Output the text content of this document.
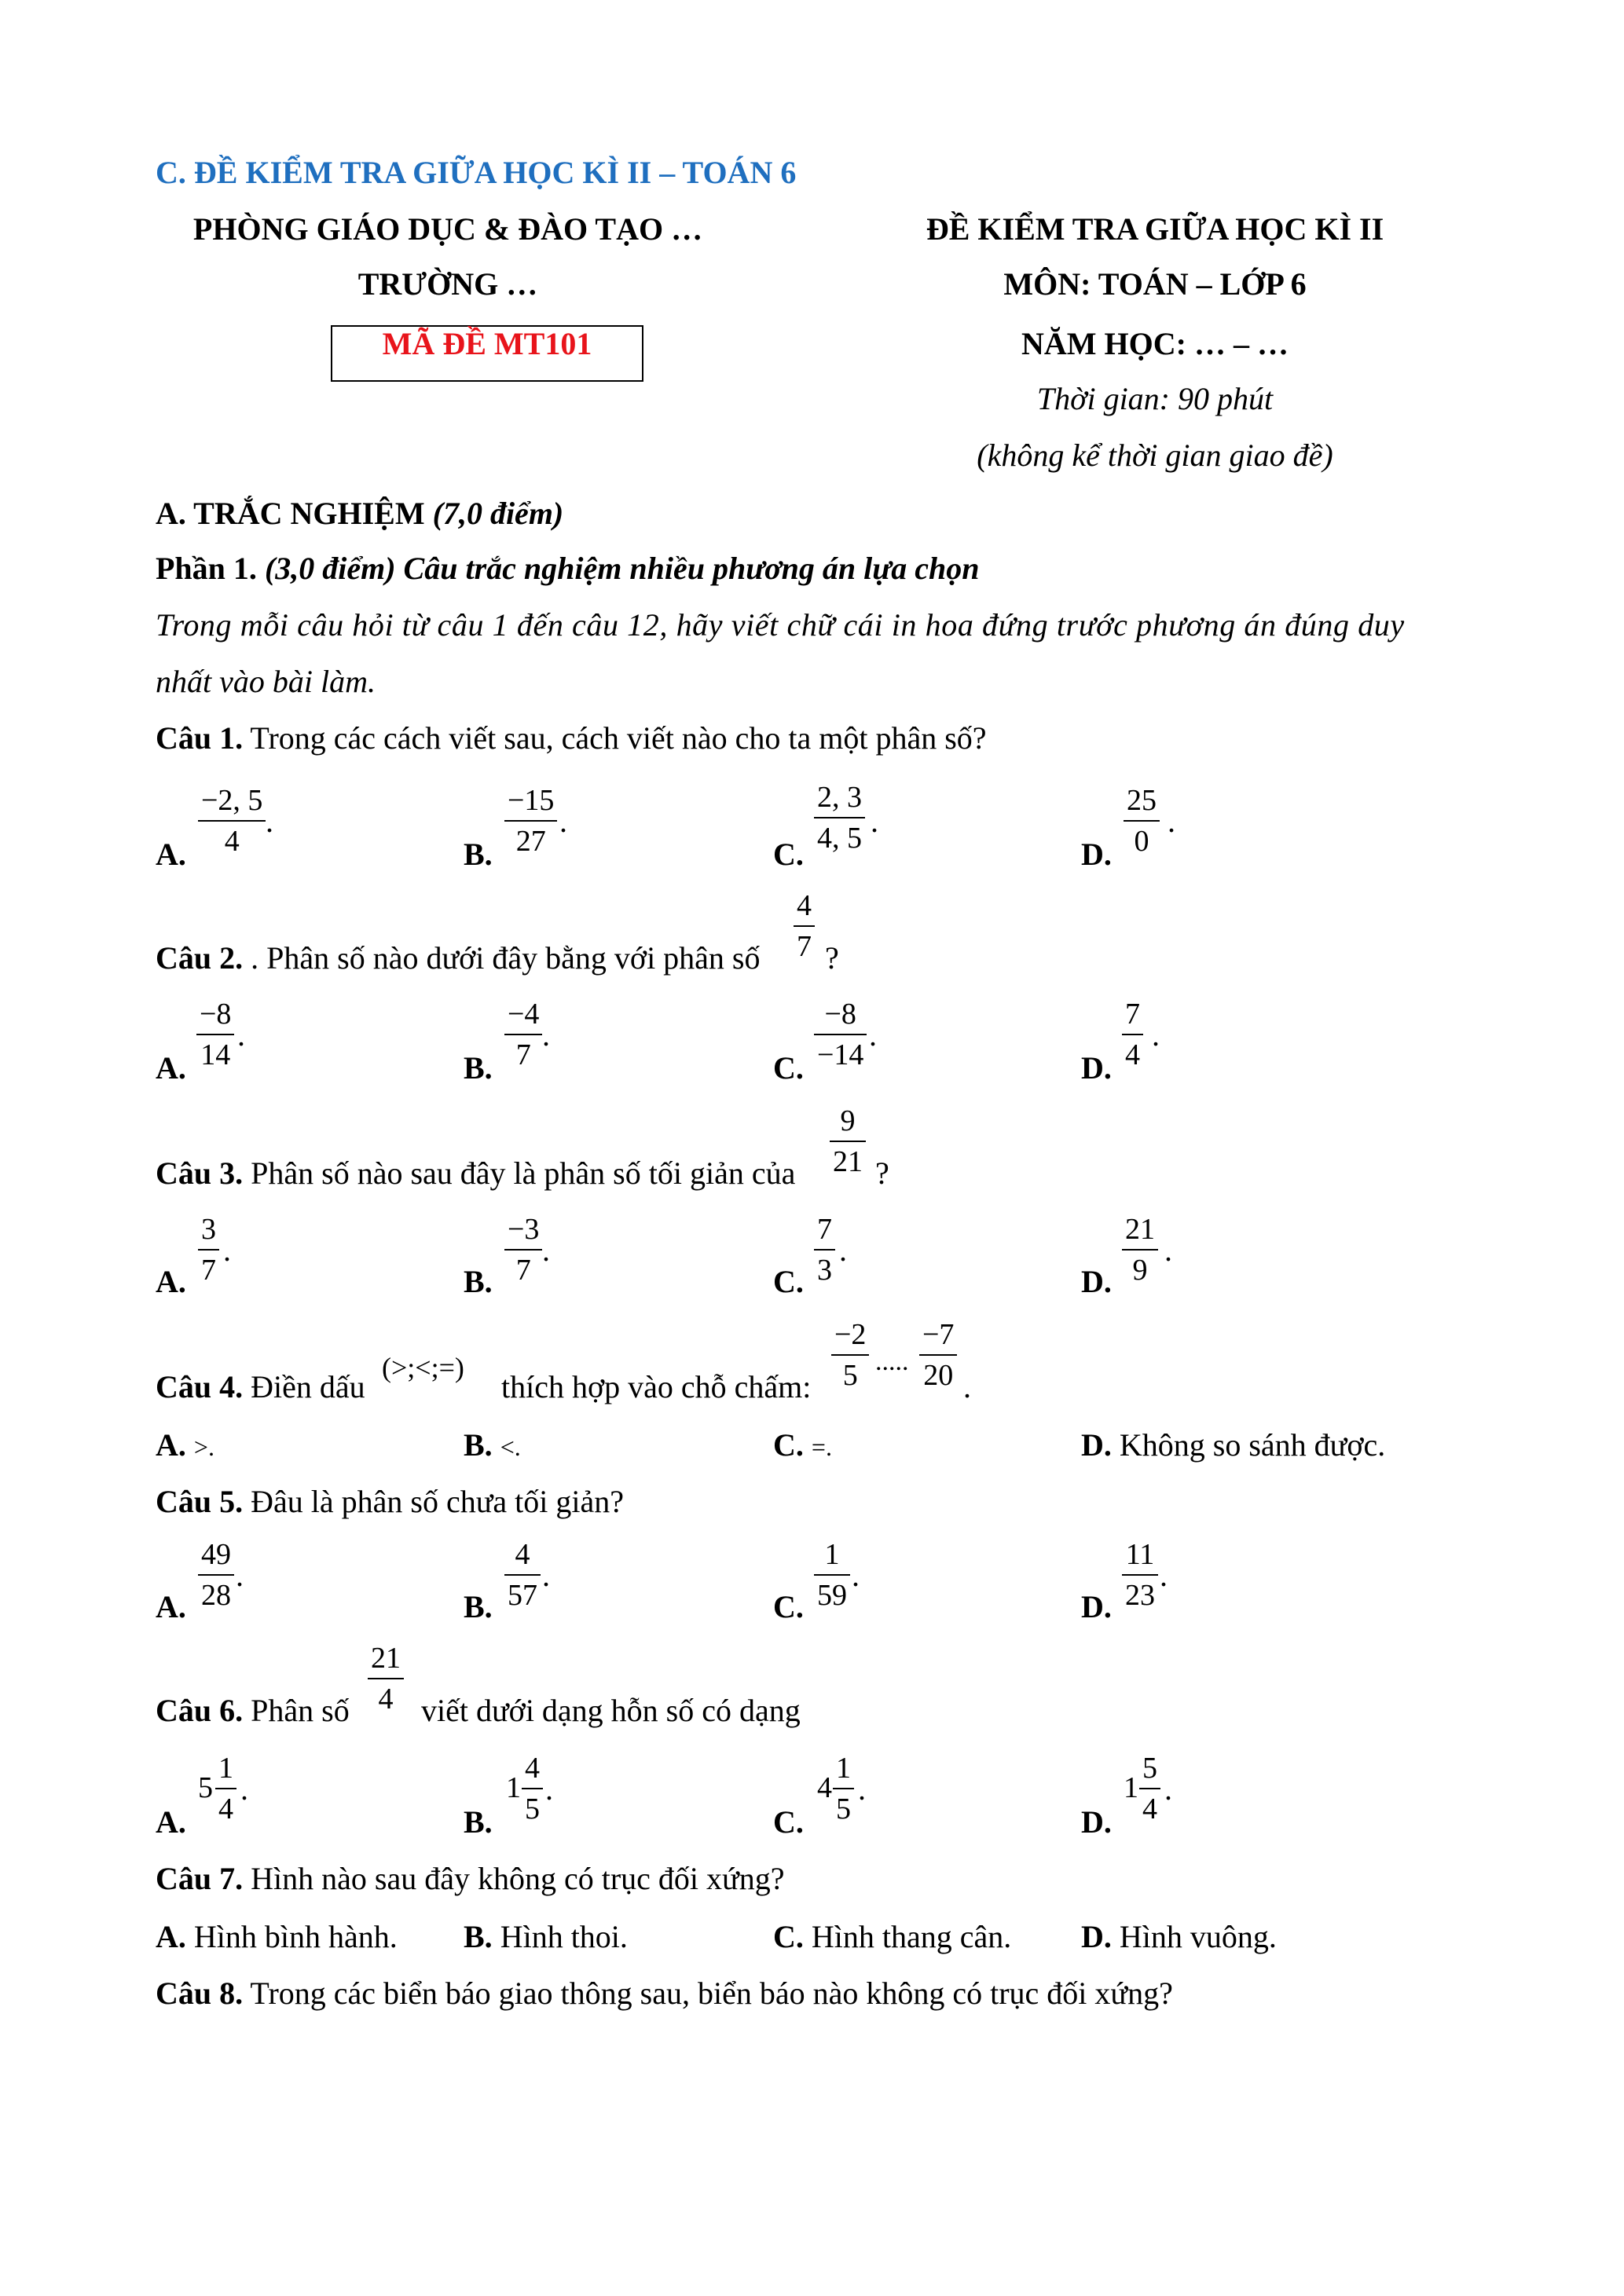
C. ĐỀ KIỂM TRA GIỮA HỌC KÌ II – TOÁN 6
PHÒNG GIÁO DỤC & ĐÀO TẠO …
TRƯỜNG …
MÃ ĐỀ MT101
ĐỀ KIỂM TRA GIỮA HỌC KÌ II
MÔN: TOÁN – LỚP 6
NĂM HỌC: … – …
Thời gian: 90 phút
(không kể thời gian giao đề)
A. TRẮC NGHIỆM (7,0 điểm)
Phần 1. (3,0 điểm) Câu trắc nghiệm nhiều phương án lựa chọn
Trong mỗi câu hỏi từ câu 1 đến câu 12, hãy viết chữ cái in hoa đứng trước phương án đúng duy
nhất vào bài làm.
Câu 1. Trong các cách viết sau, cách viết nào cho ta một phân số?
A.
−2, 5
4
.
B.
−15
27
.
C.
2, 3
4, 5 .
D.
25
0
.
Câu 2. . Phân số nào dưới đây bằng với phân số
4
7 ?
A.
−8
14
.
B.
−4
7
.
C.
−8
−14
.
D.
7
4
.
Câu 3. Phân số nào sau đây là phân số tối giản của
9
21 ?
A.
3
7
.
B.
−3
7
.
C.
7
3
.
D.
21
9
.
Câu 4. Điền dấu
(>;<;=)
thích hợp vào chỗ chấm:
−2
5 .....
−7
20 .
A. >.	B. <.	C. =.	D. Không so sánh được.
Câu 5. Đâu là phân số chưa tối giản?
A.
49
28
.
B.
4
57
.
C.
1
59
.
D.
11
23
.
Câu 6. Phân số
21
4 viết dưới dạng hỗn số có dạng
A.
5
1
4
.
B.
1
4
5
.
C.
4
1
5
.
D.
1
5
4
.
Câu 7. Hình nào sau đây không có trục đối xứng?
A. Hình bình hành. B. Hình thoi.	C. Hình thang cân. D. Hình vuông.
Câu 8. Trong các biển báo giao thông sau, biển báo nào không có trục đối xứng?
